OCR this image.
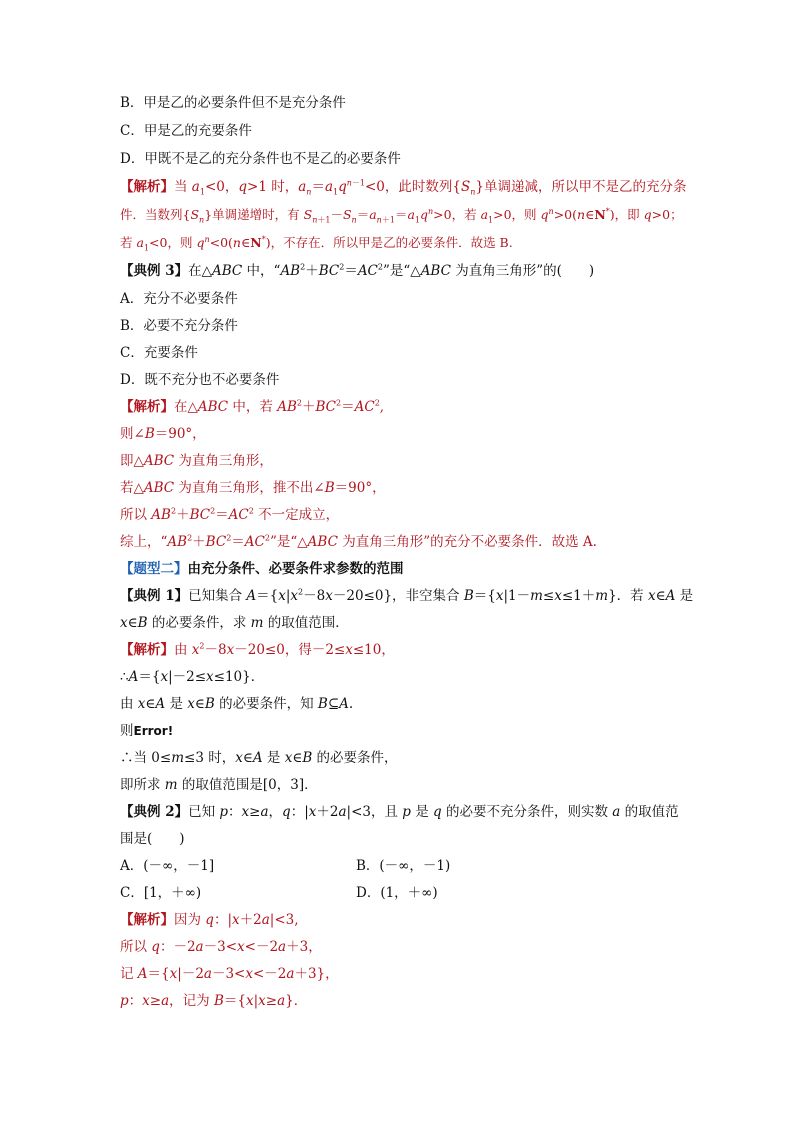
B．甲是乙的必要条件但不是充分条件
C．甲是乙的充要条件
D．甲既不是乙的充分条件也不是乙的必要条件
【解析】当 $a_1<0$，q>1 时，$a_n=a_1q^{n-1}<0$，此时数列$\{S_n\}$单调递减，所以甲不是乙的充分条
件．当数列$\{S_n\}$单调递增时，有 $S_{n+1}-S_n=a_{n+1}=a_1q^n>0$，若 $a_1>0$，则 $q^n>0(n\in N^*)$，即 q>0；
若 $a_1<0$，则 $q^n<0(n\in N^*)$，不存在．所以甲是乙的必要条件．故选 B.
【典例 3】在△ABC 中，“$AB^2+BC^2=AC^2$”是“△ABC 为直角三角形”的(　　)
A．充分不必要条件
B．必要不充分条件
C．充要条件
D．既不充分也不必要条件
【解析】在△ABC 中，若 $AB^2+BC^2=AC^2$,
则∠B＝90°，
即△ABC 为直角三角形，
若△ABC 为直角三角形，推不出∠B＝90°，
所以 $AB^2+BC^2=AC^2$ 不一定成立，
综上，“$AB^2+BC^2=AC^2$”是“△ABC 为直角三角形”的充分不必要条件．故选 A.
【题型二】由充分条件、必要条件求参数的范围
【典例 1】已知集合 $A=\{x|x^2-8x-20\le 0\}$，非空集合 B＝{x|1－m≤x≤1＋m}．若 x∈A 是
x∈B 的必要条件，求 m 的取值范围．
【解析】由 $x^2-8x-20\le 0$，得－2≤x≤10，
∴A＝{x|－2≤x≤10}．
由 x∈A 是 x∈B 的必要条件，知 B⊆A.
则Error!
∴当 0≤m≤3 时，x∈A 是 x∈B 的必要条件，
即所求 m 的取值范围是[0，3]．
【典例 2】已知 p：x≥a，q：|x＋2a|<3，且 p 是 q 的必要不充分条件，则实数 a 的取值范
围是(　　)
A．(－∞，－1]	B．(－∞，－1)
C．[1，＋∞)	D．(1，＋∞)
【解析】因为 q：|x＋2a|<3,
所以 q：－2a－3<x<－2a＋3，
记 A＝{x|－2a－3<x<－2a＋3}，
p：x≥a，记为 B＝{x|x≥a}．
